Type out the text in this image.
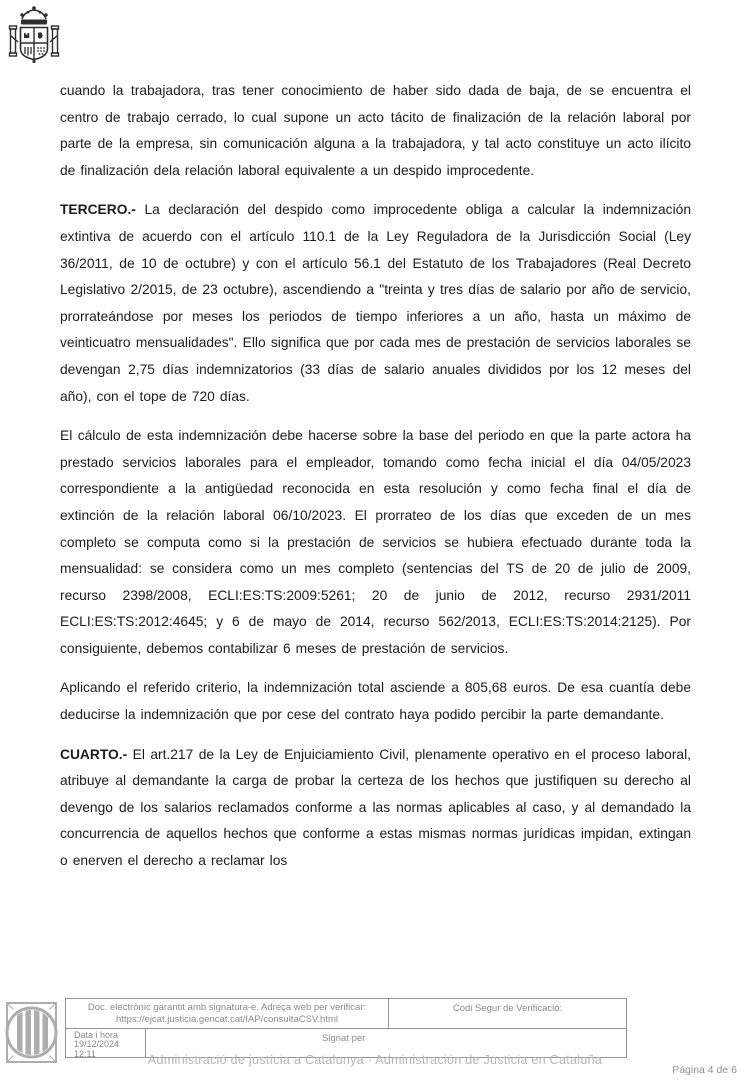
cuando la trabajadora, tras tener conocimiento de haber sido dada de baja, de se encuentra el centro de trabajo cerrado, lo cual supone un acto tácito de finalización de la relación laboral por parte de la empresa, sin comunicación alguna a la trabajadora, y tal acto constituye un acto ilícito de finalización dela relación laboral equivalente a un despido improcedente.

TERCERO.- La declaración del despido como improcedente obliga a calcular la indemnización extintiva de acuerdo con el artículo 110.1 de la Ley Reguladora de la Jurisdicción Social (Ley 36/2011, de 10 de octubre) y con el artículo 56.1 del Estatuto de los Trabajadores (Real Decreto Legislativo 2/2015, de 23 octubre), ascendiendo a "treinta y tres días de salario por año de servicio, prorrateándose por meses los periodos de tiempo inferiores a un año, hasta un máximo de veinticuatro mensualidades". Ello significa que por cada mes de prestación de servicios laborales se devengan 2,75 días indemnizatorios (33 días de salario anuales divididos por los 12 meses del año), con el tope de 720 días.

El cálculo de esta indemnización debe hacerse sobre la base del periodo en que la parte actora ha prestado servicios laborales para el empleador, tomando como fecha inicial el día 04/05/2023 correspondiente a la antigüedad reconocida en esta resolución y como fecha final el día de extinción de la relación laboral 06/10/2023. El prorrateo de los días que exceden de un mes completo se computa como si la prestación de servicios se hubiera efectuado durante toda la mensualidad: se considera como un mes completo (sentencias del TS de 20 de julio de 2009, recurso 2398/2008, ECLI:ES:TS:2009:5261; 20 de junio de 2012, recurso 2931/2011 ECLI:ES:TS:2012:4645; y 6 de mayo de 2014, recurso 562/2013, ECLI:ES:TS:2014:2125). Por consiguiente, debemos contabilizar 6 meses de prestación de servicios.

Aplicando el referido criterio, la indemnización total asciende a 805,68 euros. De esa cuantía debe deducirse la indemnización que por cese del contrato haya podido percibir la parte demandante.

CUARTO.- El art.217 de la Ley de Enjuiciamiento Civil, plenamente operativo en el proceso laboral, atribuye al demandante la carga de probar la certeza de los hechos que justifiquen su derecho al devengo de los salarios reclamados conforme a las normas aplicables al caso, y al demandado la concurrencia de aquellos hechos que conforme a estas mismas normas jurídicas impidan, extingan o enerven el derecho a reclamar los

Doc. electrònic garantit amb signatura-e. Adreça web per verificar:
https://ejcat.justicia.gencat.cat/IAP/consultaCSV.html
Codi Segur de Verificació:
Data i hora
19/12/2024
12:11
Signat per
Administració de justícia a Catalunya · Administración de Justicia en Cataluña
Pàgina 4 de 6
